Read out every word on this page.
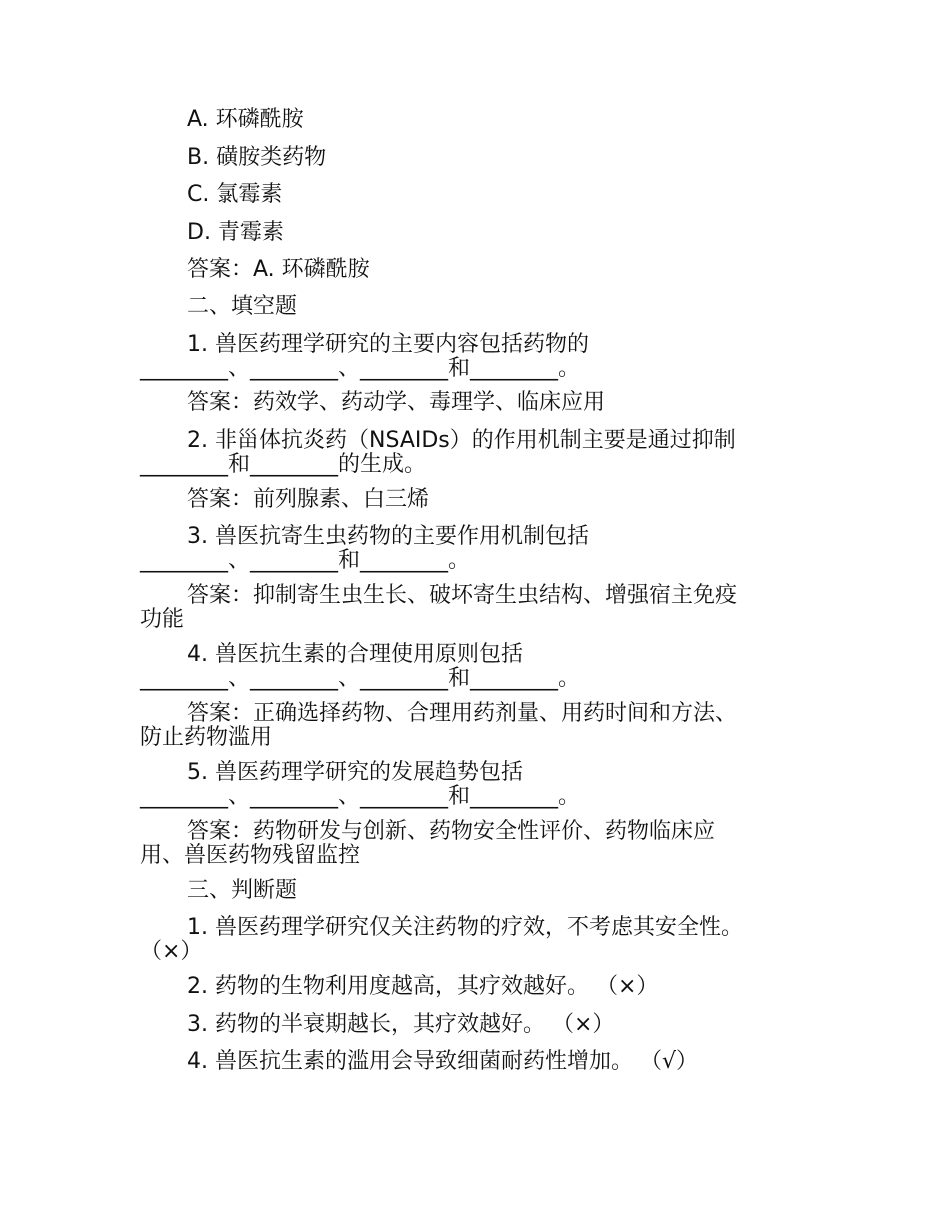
A. 环磷酰胺

B. 磺胺类药物

C. 氯霉素

D. 青霉素

答案：A. 环磷酰胺

二、填空题

1. 兽医药理学研究的主要内容包括药物的

________、________、________和________。

答案：药效学、药动学、毒理学、临床应用

2. 非甾体抗炎药（NSAIDs）的作用机制主要是通过抑制

________和________的生成。

答案：前列腺素、白三烯

3. 兽医抗寄生虫药物的主要作用机制包括

________、________和________。

答案：抑制寄生虫生长、破坏寄生虫结构、增强宿主免疫

功能

4. 兽医抗生素的合理使用原则包括

________、________、________和________。

答案：正确选择药物、合理用药剂量、用药时间和方法、

防止药物滥用

5. 兽医药理学研究的发展趋势包括

________、________、________和________。

答案：药物研发与创新、药物安全性评价、药物临床应

用、兽医药物残留监控

三、判断题

1. 兽医药理学研究仅关注药物的疗效，不考虑其安全性。

（×）

2. 药物的生物利用度越高，其疗效越好。 （×）

3. 药物的半衰期越长，其疗效越好。 （×）

4. 兽医抗生素的滥用会导致细菌耐药性增加。 （√）
